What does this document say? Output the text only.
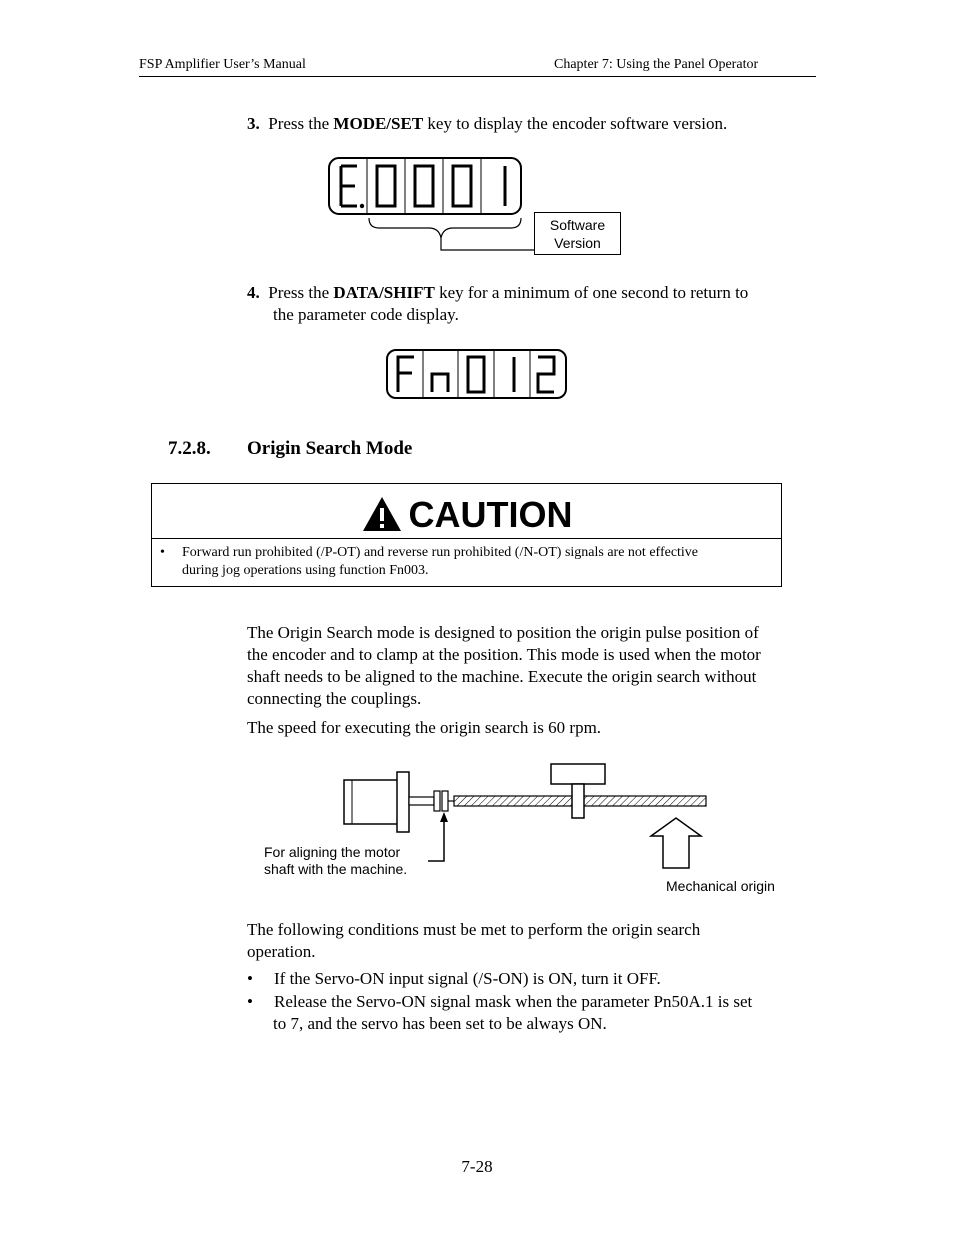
FSP Amplifier User’s Manual	Chapter 7: Using the Panel Operator
3. Press the MODE/SET key to display the encoder software version.
Software
Version
4. Press the DATA/SHIFT key for a minimum of one second to return to
the parameter code display.
7.2.8. Origin Search Mode
CAUTION
• Forward run prohibited (/P-OT) and reverse run prohibited (/N-OT) signals are not effective
during jog operations using function Fn003.
The Origin Search mode is designed to position the origin pulse position of
the encoder and to clamp at the position. This mode is used when the motor
shaft needs to be aligned to the machine. Execute the origin search without
connecting the couplings.
The speed for executing the origin search is 60 rpm.
For aligning the motor
shaft with the machine.
Mechanical origin
The following conditions must be met to perform the origin search
operation.
• If the Servo-ON input signal (/S-ON) is ON, turn it OFF.
• Release the Servo-ON signal mask when the parameter Pn50A.1 is set
to 7, and the servo has been set to be always ON.
7-28
